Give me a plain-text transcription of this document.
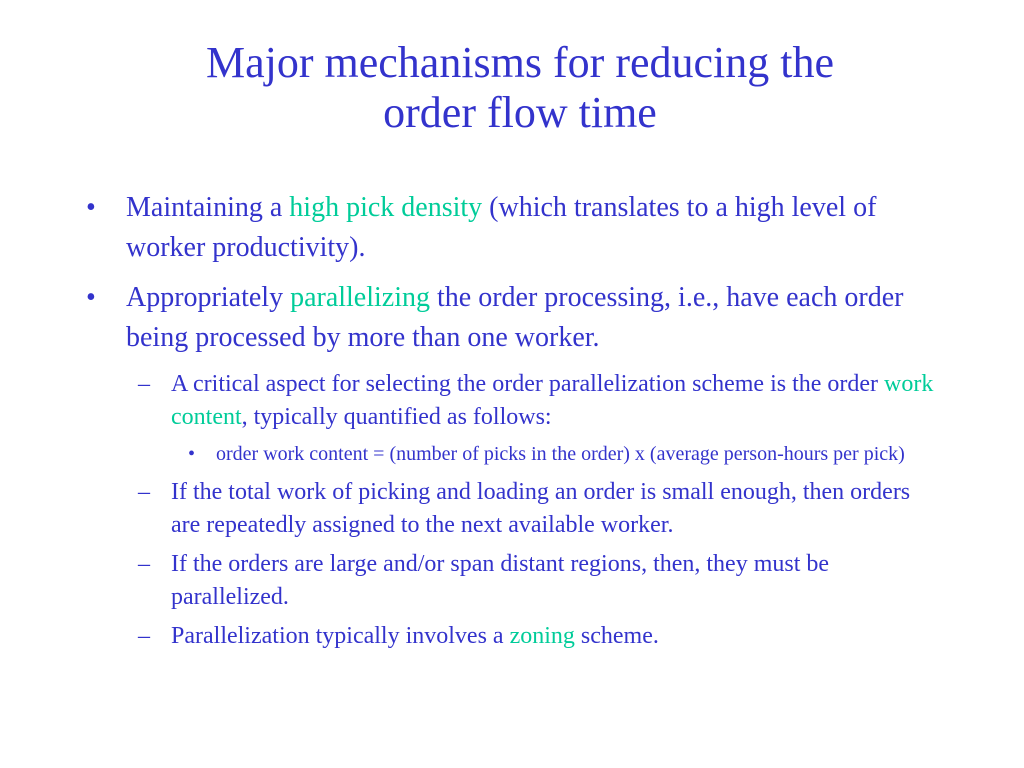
Major mechanisms for reducing the
order flow time
• Maintaining a high pick density (which translates to a high level of worker productivity).
• Appropriately parallelizing the order processing, i.e., have each order being processed by more than one worker.
– A critical aspect for selecting the order parallelization scheme is the order work content, typically quantified as follows:
• order work content = (number of picks in the order) x (average person-hours per pick)
– If the total work of picking and loading an order is small enough, then orders are repeatedly assigned to the next available worker.
– If the orders are large and/or span distant regions, then, they must be parallelized.
– Parallelization typically involves a zoning scheme.
